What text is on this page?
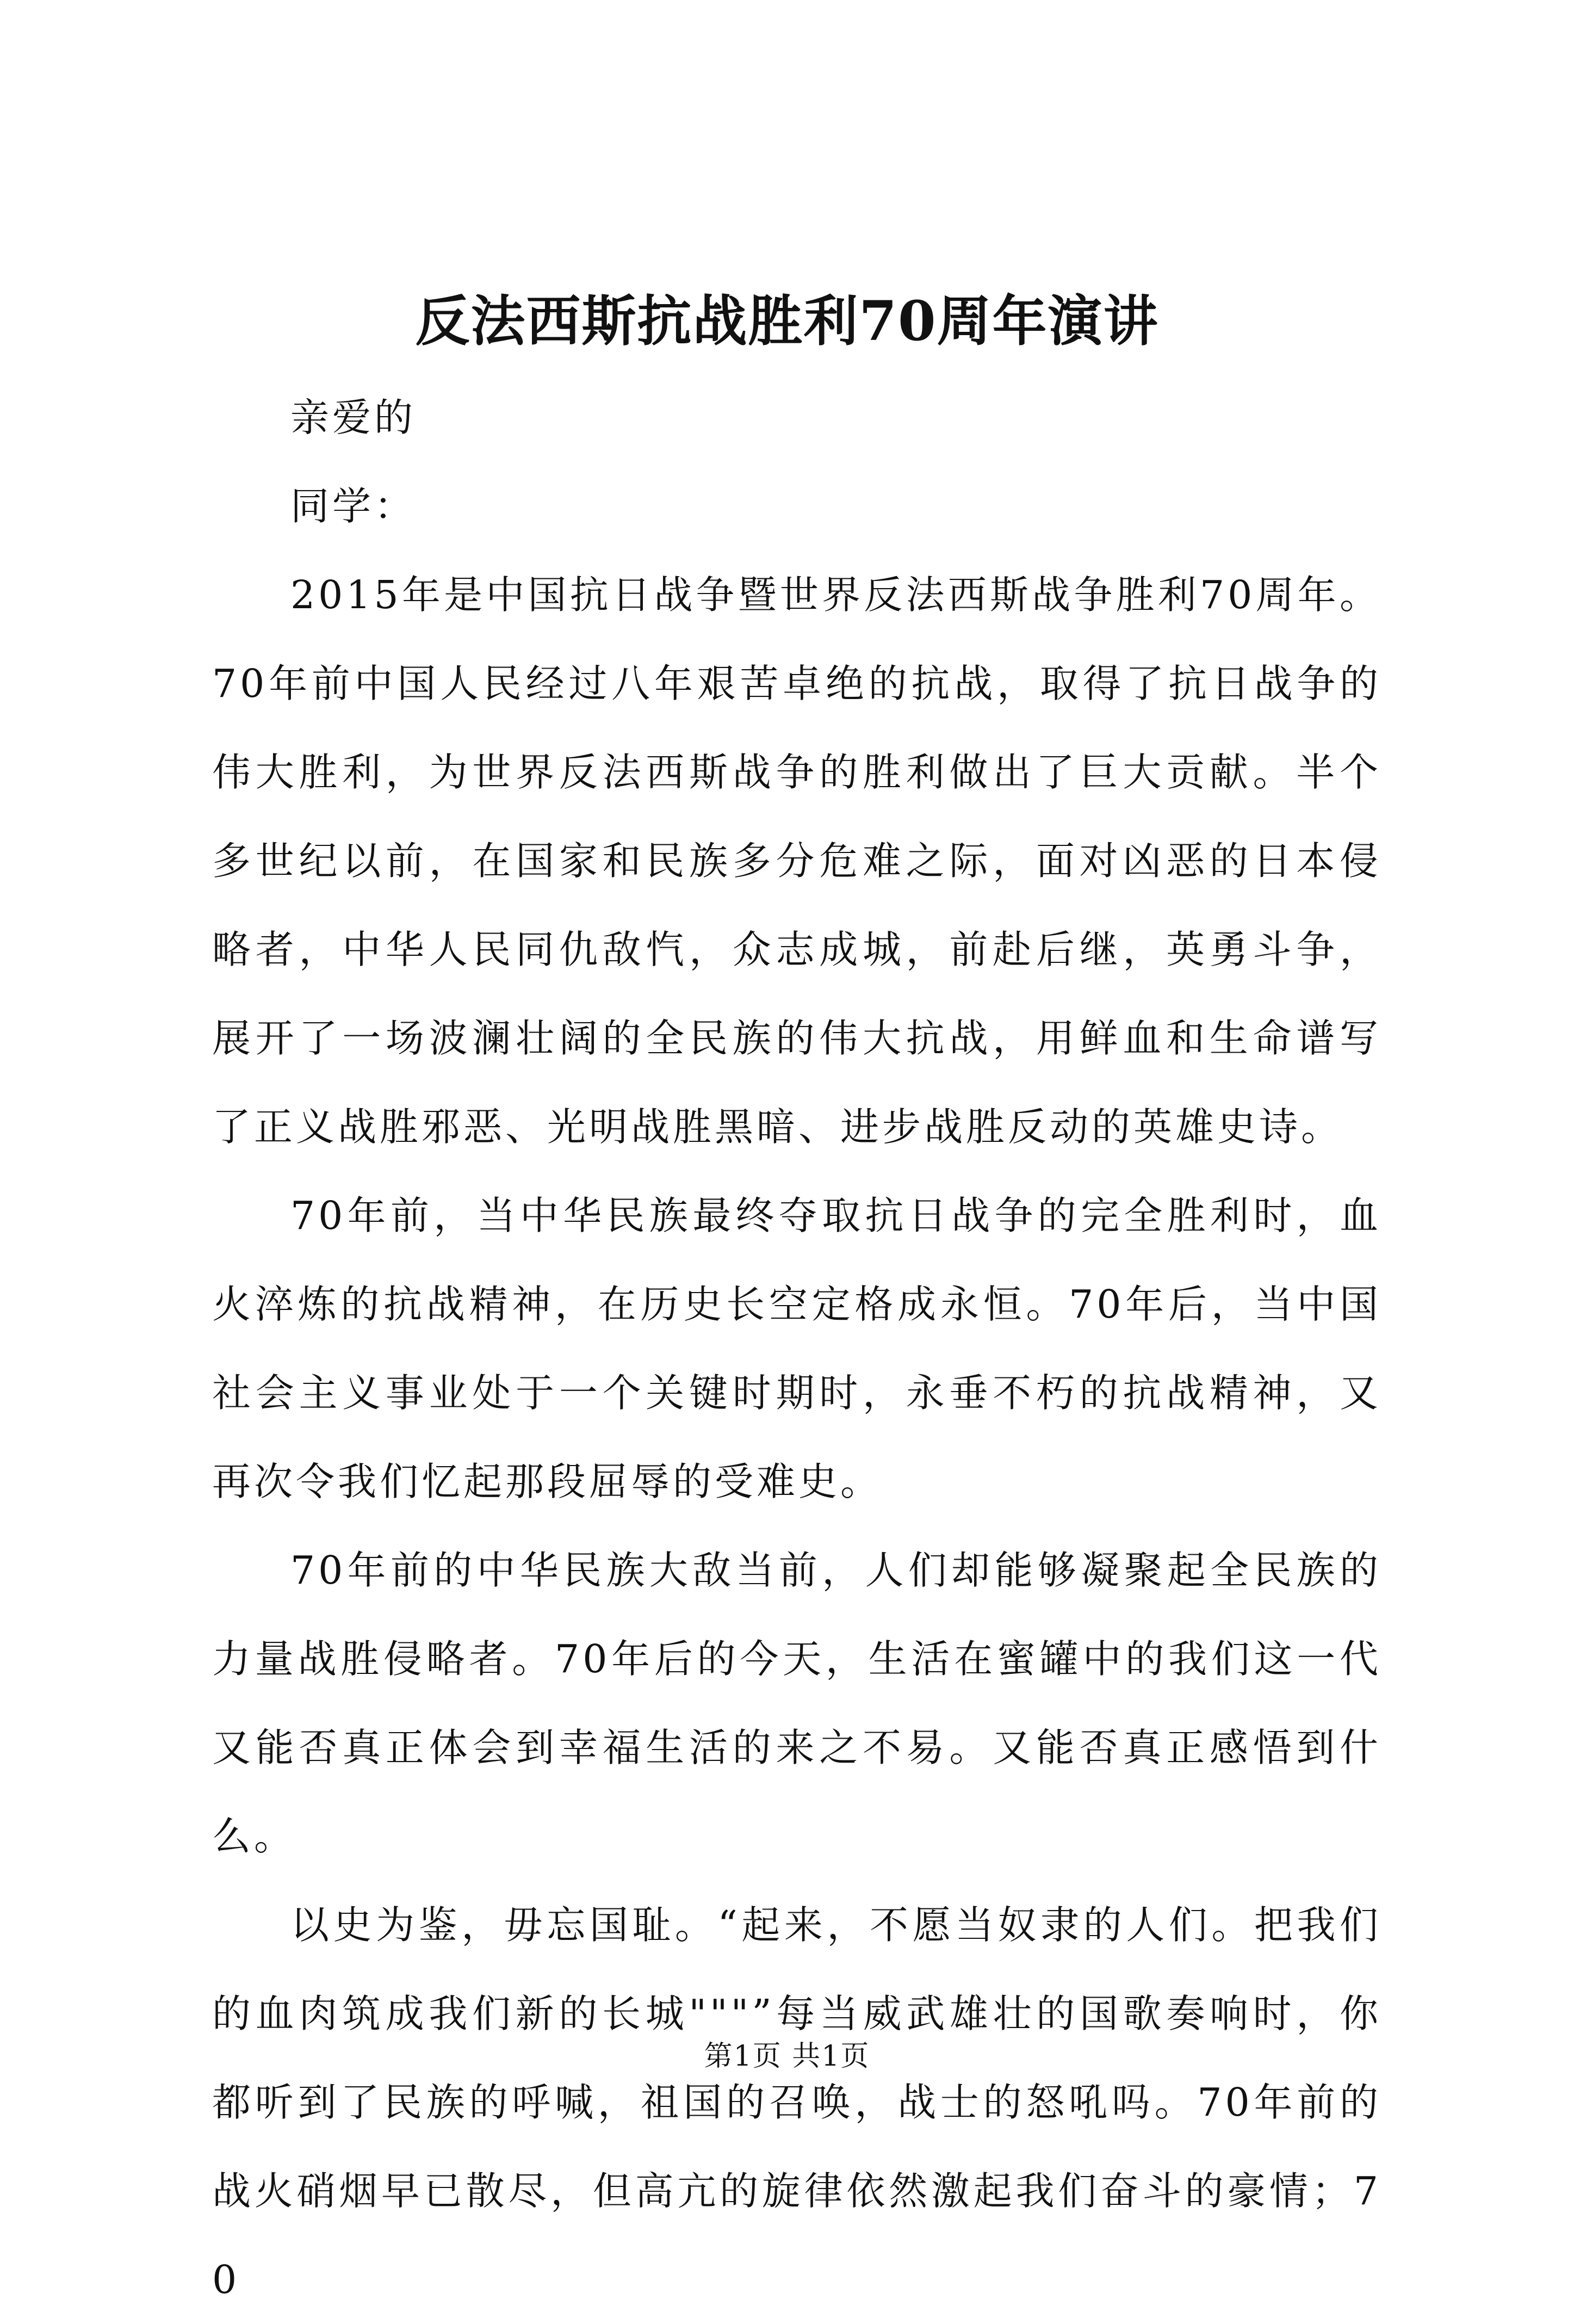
反法西斯抗战胜利70周年演讲

亲爱的

同学：

2015年是中国抗日战争暨世界反法西斯战争胜利70周年。70年前中国人民经过八年艰苦卓绝的抗战，取得了抗日战争的伟大胜利，为世界反法西斯战争的胜利做出了巨大贡献。半个多世纪以前，在国家和民族多分危难之际，面对凶恶的日本侵略者，中华人民同仇敌忾，众志成城，前赴后继，英勇斗争，展开了一场波澜壮阔的全民族的伟大抗战，用鲜血和生命谱写了正义战胜邪恶、光明战胜黑暗、进步战胜反动的英雄史诗。

70年前，当中华民族最终夺取抗日战争的完全胜利时，血火淬炼的抗战精神，在历史长空定格成永恒。70年后，当中国社会主义事业处于一个关键时期时，永垂不朽的抗战精神，又再次令我们忆起那段屈辱的受难史。

70年前的中华民族大敌当前，人们却能够凝聚起全民族的力量战胜侵略者。70年后的今天，生活在蜜罐中的我们这一代又能否真正体会到幸福生活的来之不易。又能否真正感悟到什么。

以史为鉴，毋忘国耻。“起来，不愿当奴隶的人们。把我们的血肉筑成我们新的长城"""”每当威武雄壮的国歌奏响时，你都听到了民族的呼喊，祖国的召唤，战士的怒吼吗。70年前的战火硝烟早已散尽，但高亢的旋律依然激起我们奋斗的豪情；70

第1页 共1页
